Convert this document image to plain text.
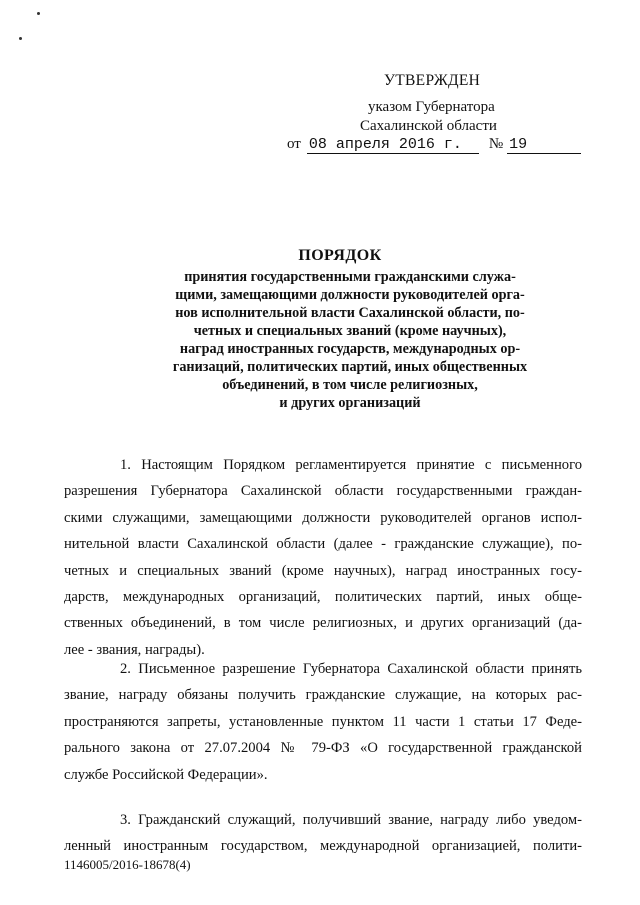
УТВЕРЖДЕН
указом Губернатора
Сахалинской области
от 08 апреля 2016 г. № 19
ПОРЯДОК
принятия государственными гражданскими служа-
щими, замещающими должности руководителей орга-
нов исполнительной власти Сахалинской области, по-
четных и специальных званий (кроме научных),
наград иностранных государств, международных ор-
ганизаций, политических партий, иных общественных
объединений, в том числе религиозных,
и других организаций
1. Настоящим Порядком регламентируется принятие с письменного
разрешения Губернатора Сахалинской области государственными граждан-
скими служащими, замещающими должности руководителей органов испол-
нительной власти Сахалинской области (далее - гражданские служащие), по-
четных и специальных званий (кроме научных), наград иностранных госу-
дарств, международных организаций, политических партий, иных обще-
ственных объединений, в том числе религиозных, и других организаций (да-
лее - звания, награды).
2. Письменное разрешение Губернатора Сахалинской области принять
звание, награду обязаны получить гражданские служащие, на которых рас-
пространяются запреты, установленные пунктом 11 части 1 статьи 17 Феде-
рального закона от 27.07.2004 № 79-ФЗ «О государственной гражданской
службе Российской Федерации».
3. Гражданский служащий, получивший звание, награду либо уведом-
ленный иностранным государством, международной организацией, полити-
1146005/2016-18678(4)
